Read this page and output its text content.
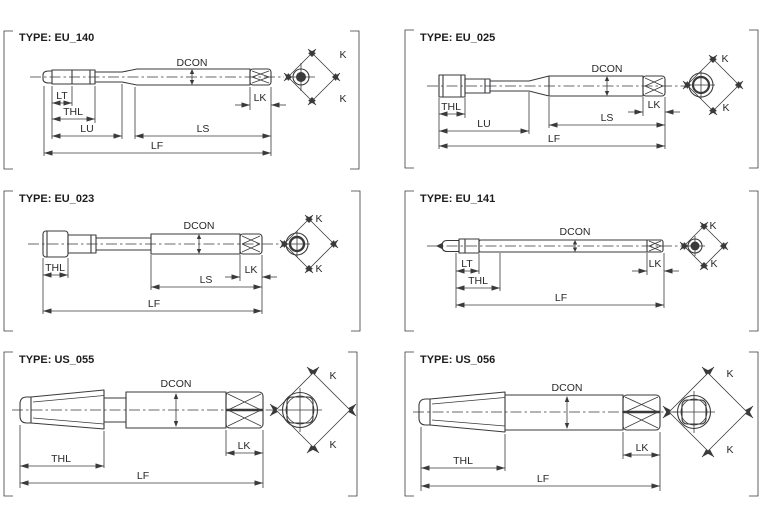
TYPE: EU_140
DCON
LT
THL
LU	LS
LF
LK
K
K
TYPE: EU_025
DCON
THL
LU	LS
LF
LK
K
K
TYPE: EU_023
DCON
THL
LS
LF
LK
K
K
TYPE: EU_141
DCON
LT
THL
LF
LK
K
K
TYPE: US_055
DCON
THL
LF
LK
K
K
TYPE: US_056
DCON
THL
LF
LK
K
K
